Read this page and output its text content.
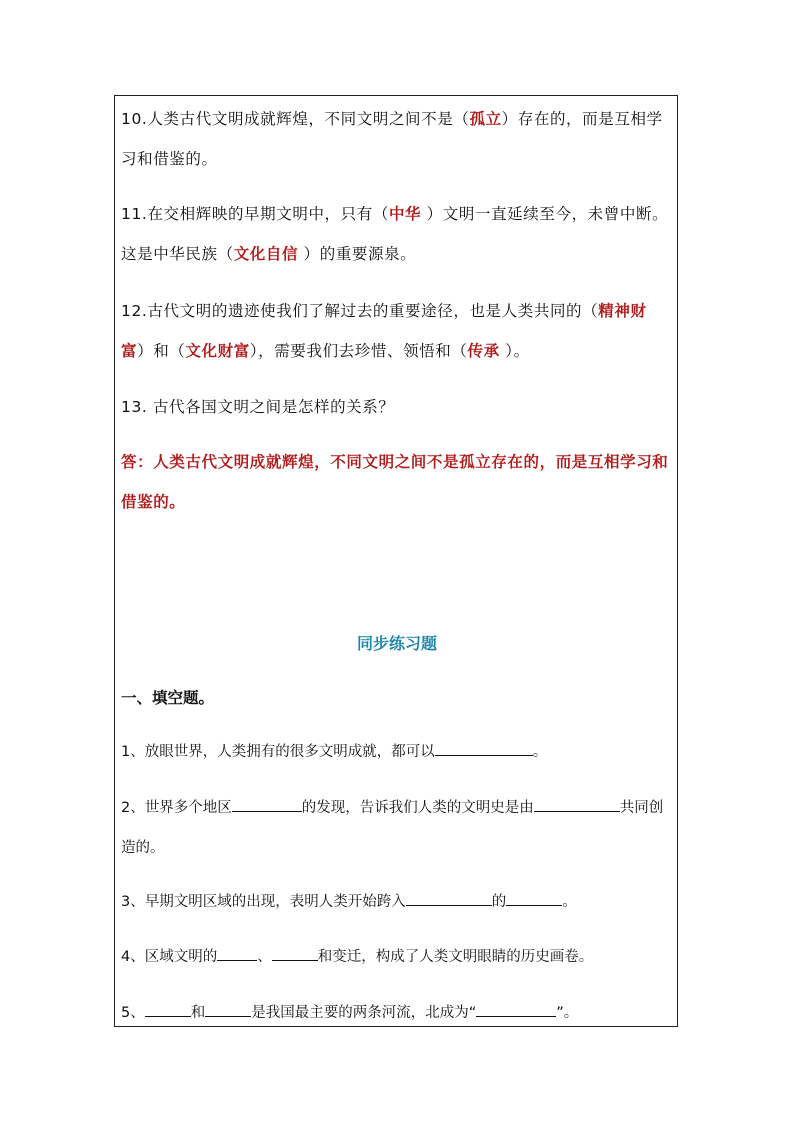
10.人类古代文明成就辉煌，不同文明之间不是（孤立）存在的，而是互相学习和借鉴的。

11.在交相辉映的早期文明中，只有（中华 ）文明一直延续至今，未曾中断。这是中华民族（文化自信 ）的重要源泉。

12.古代文明的遗迹使我们了解过去的重要途径，也是人类共同的（精神财富）和（文化财富），需要我们去珍惜、领悟和（传承 ）。

13. 古代各国文明之间是怎样的关系？

答：人类古代文明成就辉煌，不同文明之间不是孤立存在的，而是互相学习和借鉴的。

同步练习题
一、填空题。

1、放眼世界，人类拥有的很多文明成就，都可以	。

2、世界多个地区	的发现，告诉我们人类的文明史是由	共同创造的。

3、早期文明区域的出现，表明人类开始跨入	的	。

4、区域文明的	、	和变迁，构成了人类文明眼睛的历史画卷。

5、	和	是我国最主要的两条河流，北成为“	”。
